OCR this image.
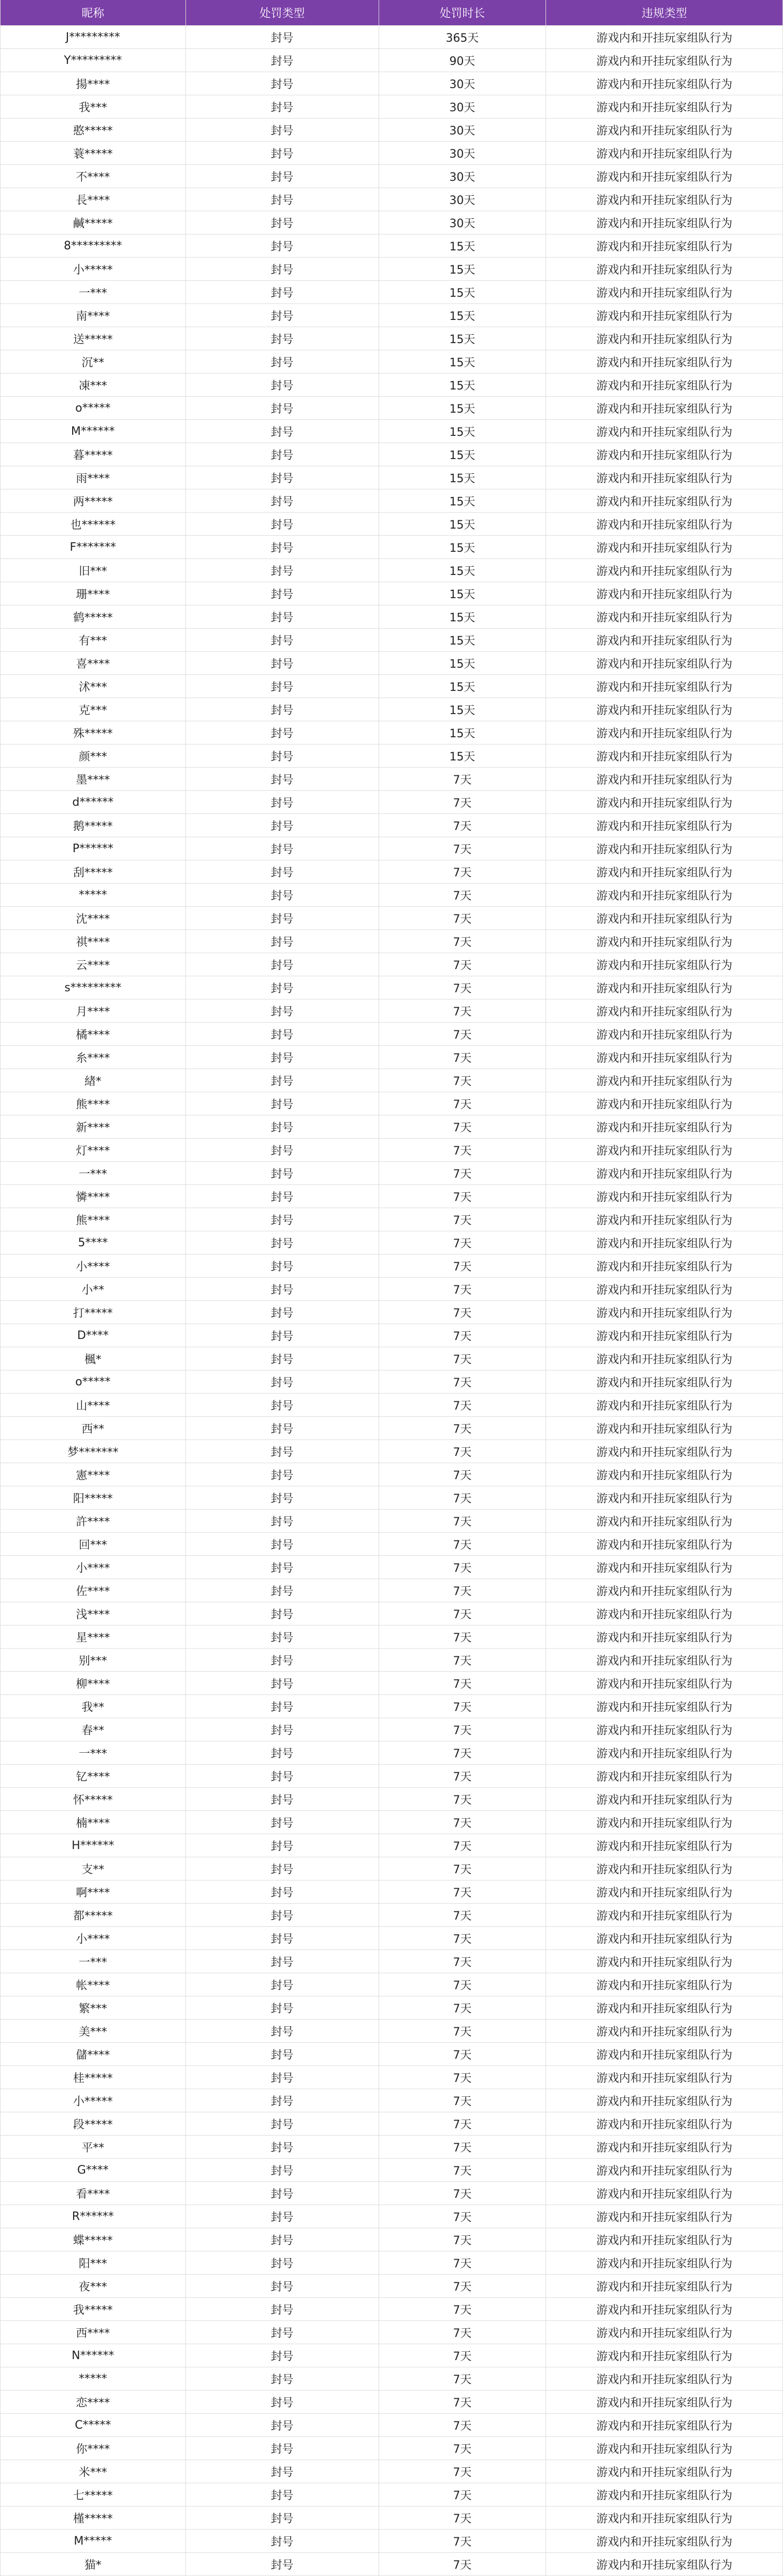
昵称	处罚类型	处罚时长	违规类型
J*********	封号	365天	游戏内和开挂玩家组队行为
Y*********	封号	90天	游戏内和开挂玩家组队行为
揚****	封号	30天	游戏内和开挂玩家组队行为
我***	封号	30天	游戏内和开挂玩家组队行为
憨*****	封号	30天	游戏内和开挂玩家组队行为
蓑*****	封号	30天	游戏内和开挂玩家组队行为
不****	封号	30天	游戏内和开挂玩家组队行为
長****	封号	30天	游戏内和开挂玩家组队行为
鹹*****	封号	30天	游戏内和开挂玩家组队行为
8*********	封号	15天	游戏内和开挂玩家组队行为
小*****	封号	15天	游戏内和开挂玩家组队行为
一***	封号	15天	游戏内和开挂玩家组队行为
南****	封号	15天	游戏内和开挂玩家组队行为
送*****	封号	15天	游戏内和开挂玩家组队行为
沉**	封号	15天	游戏内和开挂玩家组队行为
凍***	封号	15天	游戏内和开挂玩家组队行为
o*****	封号	15天	游戏内和开挂玩家组队行为
M******	封号	15天	游戏内和开挂玩家组队行为
暮*****	封号	15天	游戏内和开挂玩家组队行为
雨****	封号	15天	游戏内和开挂玩家组队行为
两*****	封号	15天	游戏内和开挂玩家组队行为
也******	封号	15天	游戏内和开挂玩家组队行为
F*******	封号	15天	游戏内和开挂玩家组队行为
旧***	封号	15天	游戏内和开挂玩家组队行为
珊****	封号	15天	游戏内和开挂玩家组队行为
鹤*****	封号	15天	游戏内和开挂玩家组队行为
有***	封号	15天	游戏内和开挂玩家组队行为
喜****	封号	15天	游戏内和开挂玩家组队行为
沭***	封号	15天	游戏内和开挂玩家组队行为
克***	封号	15天	游戏内和开挂玩家组队行为
殊*****	封号	15天	游戏内和开挂玩家组队行为
颜***	封号	15天	游戏内和开挂玩家组队行为
墨****	封号	7天	游戏内和开挂玩家组队行为
d******	封号	7天	游戏内和开挂玩家组队行为
鹅*****	封号	7天	游戏内和开挂玩家组队行为
P******	封号	7天	游戏内和开挂玩家组队行为
刮*****	封号	7天	游戏内和开挂玩家组队行为
*****	封号	7天	游戏内和开挂玩家组队行为
沈****	封号	7天	游戏内和开挂玩家组队行为
祺****	封号	7天	游戏内和开挂玩家组队行为
云****	封号	7天	游戏内和开挂玩家组队行为
s*********	封号	7天	游戏内和开挂玩家组队行为
月****	封号	7天	游戏内和开挂玩家组队行为
橘****	封号	7天	游戏内和开挂玩家组队行为
糸****	封号	7天	游戏内和开挂玩家组队行为
緖*	封号	7天	游戏内和开挂玩家组队行为
熊****	封号	7天	游戏内和开挂玩家组队行为
新****	封号	7天	游戏内和开挂玩家组队行为
灯****	封号	7天	游戏内和开挂玩家组队行为
一***	封号	7天	游戏内和开挂玩家组队行为
憐****	封号	7天	游戏内和开挂玩家组队行为
熊****	封号	7天	游戏内和开挂玩家组队行为
5****	封号	7天	游戏内和开挂玩家组队行为
小****	封号	7天	游戏内和开挂玩家组队行为
小**	封号	7天	游戏内和开挂玩家组队行为
打*****	封号	7天	游戏内和开挂玩家组队行为
D****	封号	7天	游戏内和开挂玩家组队行为
楓*	封号	7天	游戏内和开挂玩家组队行为
o*****	封号	7天	游戏内和开挂玩家组队行为
山****	封号	7天	游戏内和开挂玩家组队行为
西**	封号	7天	游戏内和开挂玩家组队行为
梦*******	封号	7天	游戏内和开挂玩家组队行为
憲****	封号	7天	游戏内和开挂玩家组队行为
阳*****	封号	7天	游戏内和开挂玩家组队行为
許****	封号	7天	游戏内和开挂玩家组队行为
回***	封号	7天	游戏内和开挂玩家组队行为
小****	封号	7天	游戏内和开挂玩家组队行为
佐****	封号	7天	游戏内和开挂玩家组队行为
浅****	封号	7天	游戏内和开挂玩家组队行为
星****	封号	7天	游戏内和开挂玩家组队行为
别***	封号	7天	游戏内和开挂玩家组队行为
柳****	封号	7天	游戏内和开挂玩家组队行为
我**	封号	7天	游戏内和开挂玩家组队行为
春**	封号	7天	游戏内和开挂玩家组队行为
一***	封号	7天	游戏内和开挂玩家组队行为
钇****	封号	7天	游戏内和开挂玩家组队行为
怀*****	封号	7天	游戏内和开挂玩家组队行为
楠****	封号	7天	游戏内和开挂玩家组队行为
H******	封号	7天	游戏内和开挂玩家组队行为
支**	封号	7天	游戏内和开挂玩家组队行为
啊****	封号	7天	游戏内和开挂玩家组队行为
都*****	封号	7天	游戏内和开挂玩家组队行为
小****	封号	7天	游戏内和开挂玩家组队行为
一***	封号	7天	游戏内和开挂玩家组队行为
帐****	封号	7天	游戏内和开挂玩家组队行为
繁***	封号	7天	游戏内和开挂玩家组队行为
美***	封号	7天	游戏内和开挂玩家组队行为
儲****	封号	7天	游戏内和开挂玩家组队行为
桂*****	封号	7天	游戏内和开挂玩家组队行为
小*****	封号	7天	游戏内和开挂玩家组队行为
段*****	封号	7天	游戏内和开挂玩家组队行为
平**	封号	7天	游戏内和开挂玩家组队行为
G****	封号	7天	游戏内和开挂玩家组队行为
看****	封号	7天	游戏内和开挂玩家组队行为
R******	封号	7天	游戏内和开挂玩家组队行为
蝶*****	封号	7天	游戏内和开挂玩家组队行为
阳***	封号	7天	游戏内和开挂玩家组队行为
夜***	封号	7天	游戏内和开挂玩家组队行为
我*****	封号	7天	游戏内和开挂玩家组队行为
西****	封号	7天	游戏内和开挂玩家组队行为
N******	封号	7天	游戏内和开挂玩家组队行为
*****	封号	7天	游戏内和开挂玩家组队行为
恋****	封号	7天	游戏内和开挂玩家组队行为
C*****	封号	7天	游戏内和开挂玩家组队行为
你****	封号	7天	游戏内和开挂玩家组队行为
米***	封号	7天	游戏内和开挂玩家组队行为
七*****	封号	7天	游戏内和开挂玩家组队行为
槿*****	封号	7天	游戏内和开挂玩家组队行为
M*****	封号	7天	游戏内和开挂玩家组队行为
猫*	封号	7天	游戏内和开挂玩家组队行为
